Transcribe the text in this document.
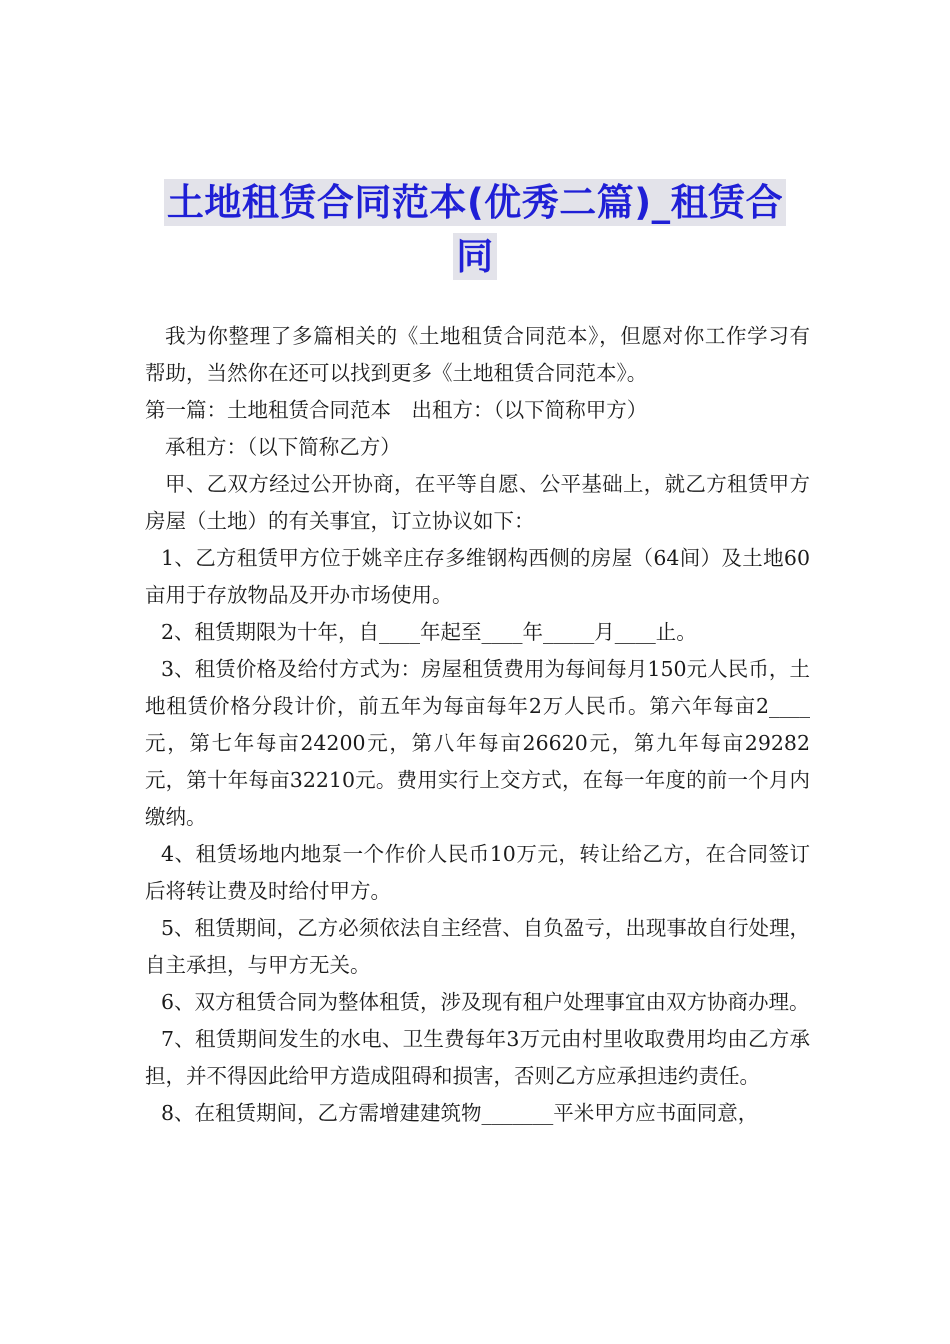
土地租赁合同范本(优秀二篇)_租赁合
同

我为你整理了多篇相关的《土地租赁合同范本》，但愿对你工作学习有帮助，当然你在还可以找到更多《土地租赁合同范本》。

第一篇：土地租赁合同范本　出租方：（以下简称甲方）

承租方：（以下简称乙方）

甲、乙双方经过公开协商，在平等自愿、公平基础上，就乙方租赁甲方房屋（土地）的有关事宜，订立协议如下：

1、乙方租赁甲方位于姚辛庄存多维钢构西侧的房屋（64间）及土地60亩用于存放物品及开办市场使用。

2、租赁期限为十年，自____年起至____年_____月____止。

3、租赁价格及给付方式为：房屋租赁费用为每间每月150元人民币，土地租赁价格分段计价，前五年为每亩每年2万人民币。第六年每亩2____元，第七年每亩24200元，第八年每亩26620元，第九年每亩29282元，第十年每亩32210元。费用实行上交方式，在每一年度的前一个月内缴纳。

4、租赁场地内地泵一个作价人民币10万元，转让给乙方，在合同签订后将转让费及时给付甲方。

5、租赁期间，乙方必须依法自主经营、自负盈亏，出现事故自行处理，自主承担，与甲方无关。

6、双方租赁合同为整体租赁，涉及现有租户处理事宜由双方协商办理。

7、租赁期间发生的水电、卫生费每年3万元由村里收取费用均由乙方承担，并不得因此给甲方造成阻碍和损害，否则乙方应承担违约责任。

8、在租赁期间，乙方需增建建筑物_______平米甲方应书面同意，
